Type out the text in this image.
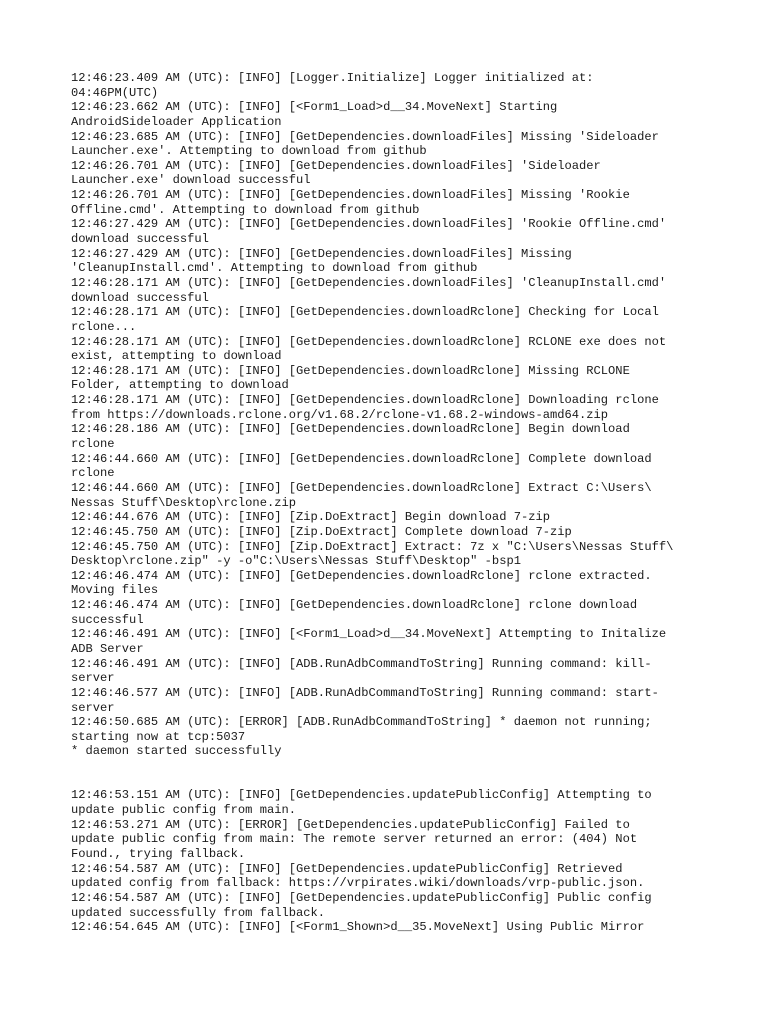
12:46:23.409 AM (UTC): [INFO] [Logger.Initialize] Logger initialized at:
04:46PM(UTC)
12:46:23.662 AM (UTC): [INFO] [<Form1_Load>d__34.MoveNext] Starting
AndroidSideloader Application
12:46:23.685 AM (UTC): [INFO] [GetDependencies.downloadFiles] Missing 'Sideloader
Launcher.exe'. Attempting to download from github
12:46:26.701 AM (UTC): [INFO] [GetDependencies.downloadFiles] 'Sideloader
Launcher.exe' download successful
12:46:26.701 AM (UTC): [INFO] [GetDependencies.downloadFiles] Missing 'Rookie
Offline.cmd'. Attempting to download from github
12:46:27.429 AM (UTC): [INFO] [GetDependencies.downloadFiles] 'Rookie Offline.cmd'
download successful
12:46:27.429 AM (UTC): [INFO] [GetDependencies.downloadFiles] Missing
'CleanupInstall.cmd'. Attempting to download from github
12:46:28.171 AM (UTC): [INFO] [GetDependencies.downloadFiles] 'CleanupInstall.cmd'
download successful
12:46:28.171 AM (UTC): [INFO] [GetDependencies.downloadRclone] Checking for Local
rclone...
12:46:28.171 AM (UTC): [INFO] [GetDependencies.downloadRclone] RCLONE exe does not
exist, attempting to download
12:46:28.171 AM (UTC): [INFO] [GetDependencies.downloadRclone] Missing RCLONE
Folder, attempting to download
12:46:28.171 AM (UTC): [INFO] [GetDependencies.downloadRclone] Downloading rclone
from https://downloads.rclone.org/v1.68.2/rclone-v1.68.2-windows-amd64.zip
12:46:28.186 AM (UTC): [INFO] [GetDependencies.downloadRclone] Begin download
rclone
12:46:44.660 AM (UTC): [INFO] [GetDependencies.downloadRclone] Complete download
rclone
12:46:44.660 AM (UTC): [INFO] [GetDependencies.downloadRclone] Extract C:\Users\
Nessas Stuff\Desktop\rclone.zip
12:46:44.676 AM (UTC): [INFO] [Zip.DoExtract] Begin download 7-zip
12:46:45.750 AM (UTC): [INFO] [Zip.DoExtract] Complete download 7-zip
12:46:45.750 AM (UTC): [INFO] [Zip.DoExtract] Extract: 7z x "C:\Users\Nessas Stuff\
Desktop\rclone.zip" -y -o"C:\Users\Nessas Stuff\Desktop" -bsp1
12:46:46.474 AM (UTC): [INFO] [GetDependencies.downloadRclone] rclone extracted.
Moving files
12:46:46.474 AM (UTC): [INFO] [GetDependencies.downloadRclone] rclone download
successful
12:46:46.491 AM (UTC): [INFO] [<Form1_Load>d__34.MoveNext] Attempting to Initalize
ADB Server
12:46:46.491 AM (UTC): [INFO] [ADB.RunAdbCommandToString] Running command: kill-
server
12:46:46.577 AM (UTC): [INFO] [ADB.RunAdbCommandToString] Running command: start-
server
12:46:50.685 AM (UTC): [ERROR] [ADB.RunAdbCommandToString] * daemon not running;
starting now at tcp:5037
* daemon started successfully
12:46:53.151 AM (UTC): [INFO] [GetDependencies.updatePublicConfig] Attempting to
update public config from main.
12:46:53.271 AM (UTC): [ERROR] [GetDependencies.updatePublicConfig] Failed to
update public config from main: The remote server returned an error: (404) Not
Found., trying fallback.
12:46:54.587 AM (UTC): [INFO] [GetDependencies.updatePublicConfig] Retrieved
updated config from fallback: https://vrpirates.wiki/downloads/vrp-public.json.
12:46:54.587 AM (UTC): [INFO] [GetDependencies.updatePublicConfig] Public config
updated successfully from fallback.
12:46:54.645 AM (UTC): [INFO] [<Form1_Shown>d__35.MoveNext] Using Public Mirror
